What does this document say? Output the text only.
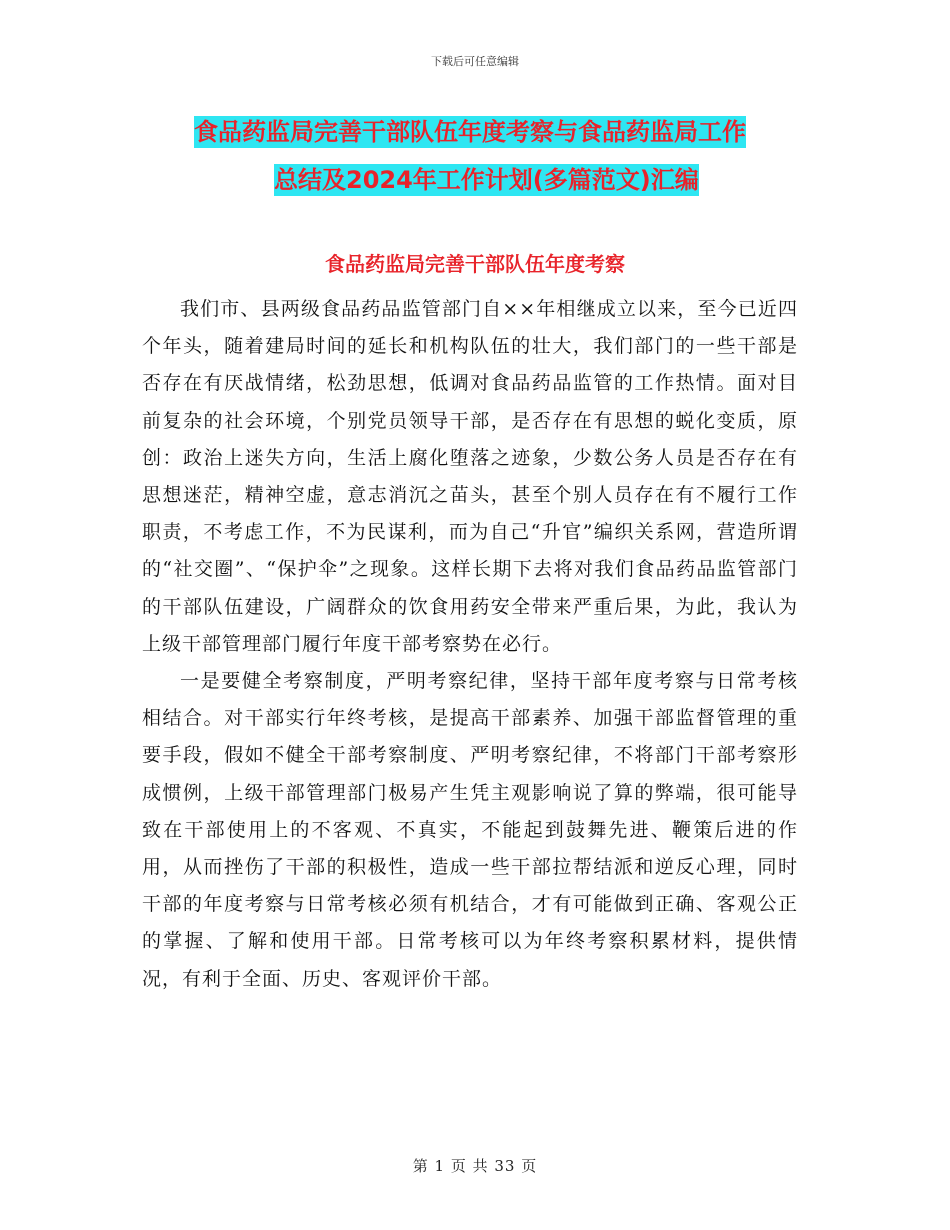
下载后可任意编辑
食品药监局完善干部队伍年度考察与食品药监局工作
总结及2024年工作计划(多篇范文)汇编
食品药监局完善干部队伍年度考察

我们市、县两级食品药品监管部门自××年相继成立以来，至今已近四个年头，随着建局时间的延长和机构队伍的壮大，我们部门的一些干部是否存在有厌战情绪，松劲思想，低调对食品药品监管的工作热情。面对目前复杂的社会环境，个别党员领导干部，是否存在有思想的蜕化变质，原创：政治上迷失方向，生活上腐化堕落之迹象，少数公务人员是否存在有思想迷茫，精神空虚，意志消沉之苗头，甚至个别人员存在有不履行工作职责，不考虑工作，不为民谋利，而为自己“升官”编织关系网，营造所谓的“社交圈”、“保护伞”之现象。这样长期下去将对我们食品药品监管部门的干部队伍建设，广阔群众的饮食用药安全带来严重后果，为此，我认为上级干部管理部门履行年度干部考察势在必行。

一是要健全考察制度，严明考察纪律，坚持干部年度考察与日常考核相结合。对干部实行年终考核，是提高干部素养、加强干部监督管理的重要手段，假如不健全干部考察制度、严明考察纪律，不将部门干部考察形成惯例，上级干部管理部门极易产生凭主观影响说了算的弊端，很可能导致在干部使用上的不客观、不真实，不能起到鼓舞先进、鞭策后进的作用，从而挫伤了干部的积极性，造成一些干部拉帮结派和逆反心理，同时干部的年度考察与日常考核必须有机结合，才有可能做到正确、客观公正的掌握、了解和使用干部。日常考核可以为年终考察积累材料，提供情况，有利于全面、历史、客观评价干部。

第 1 页 共 33 页
